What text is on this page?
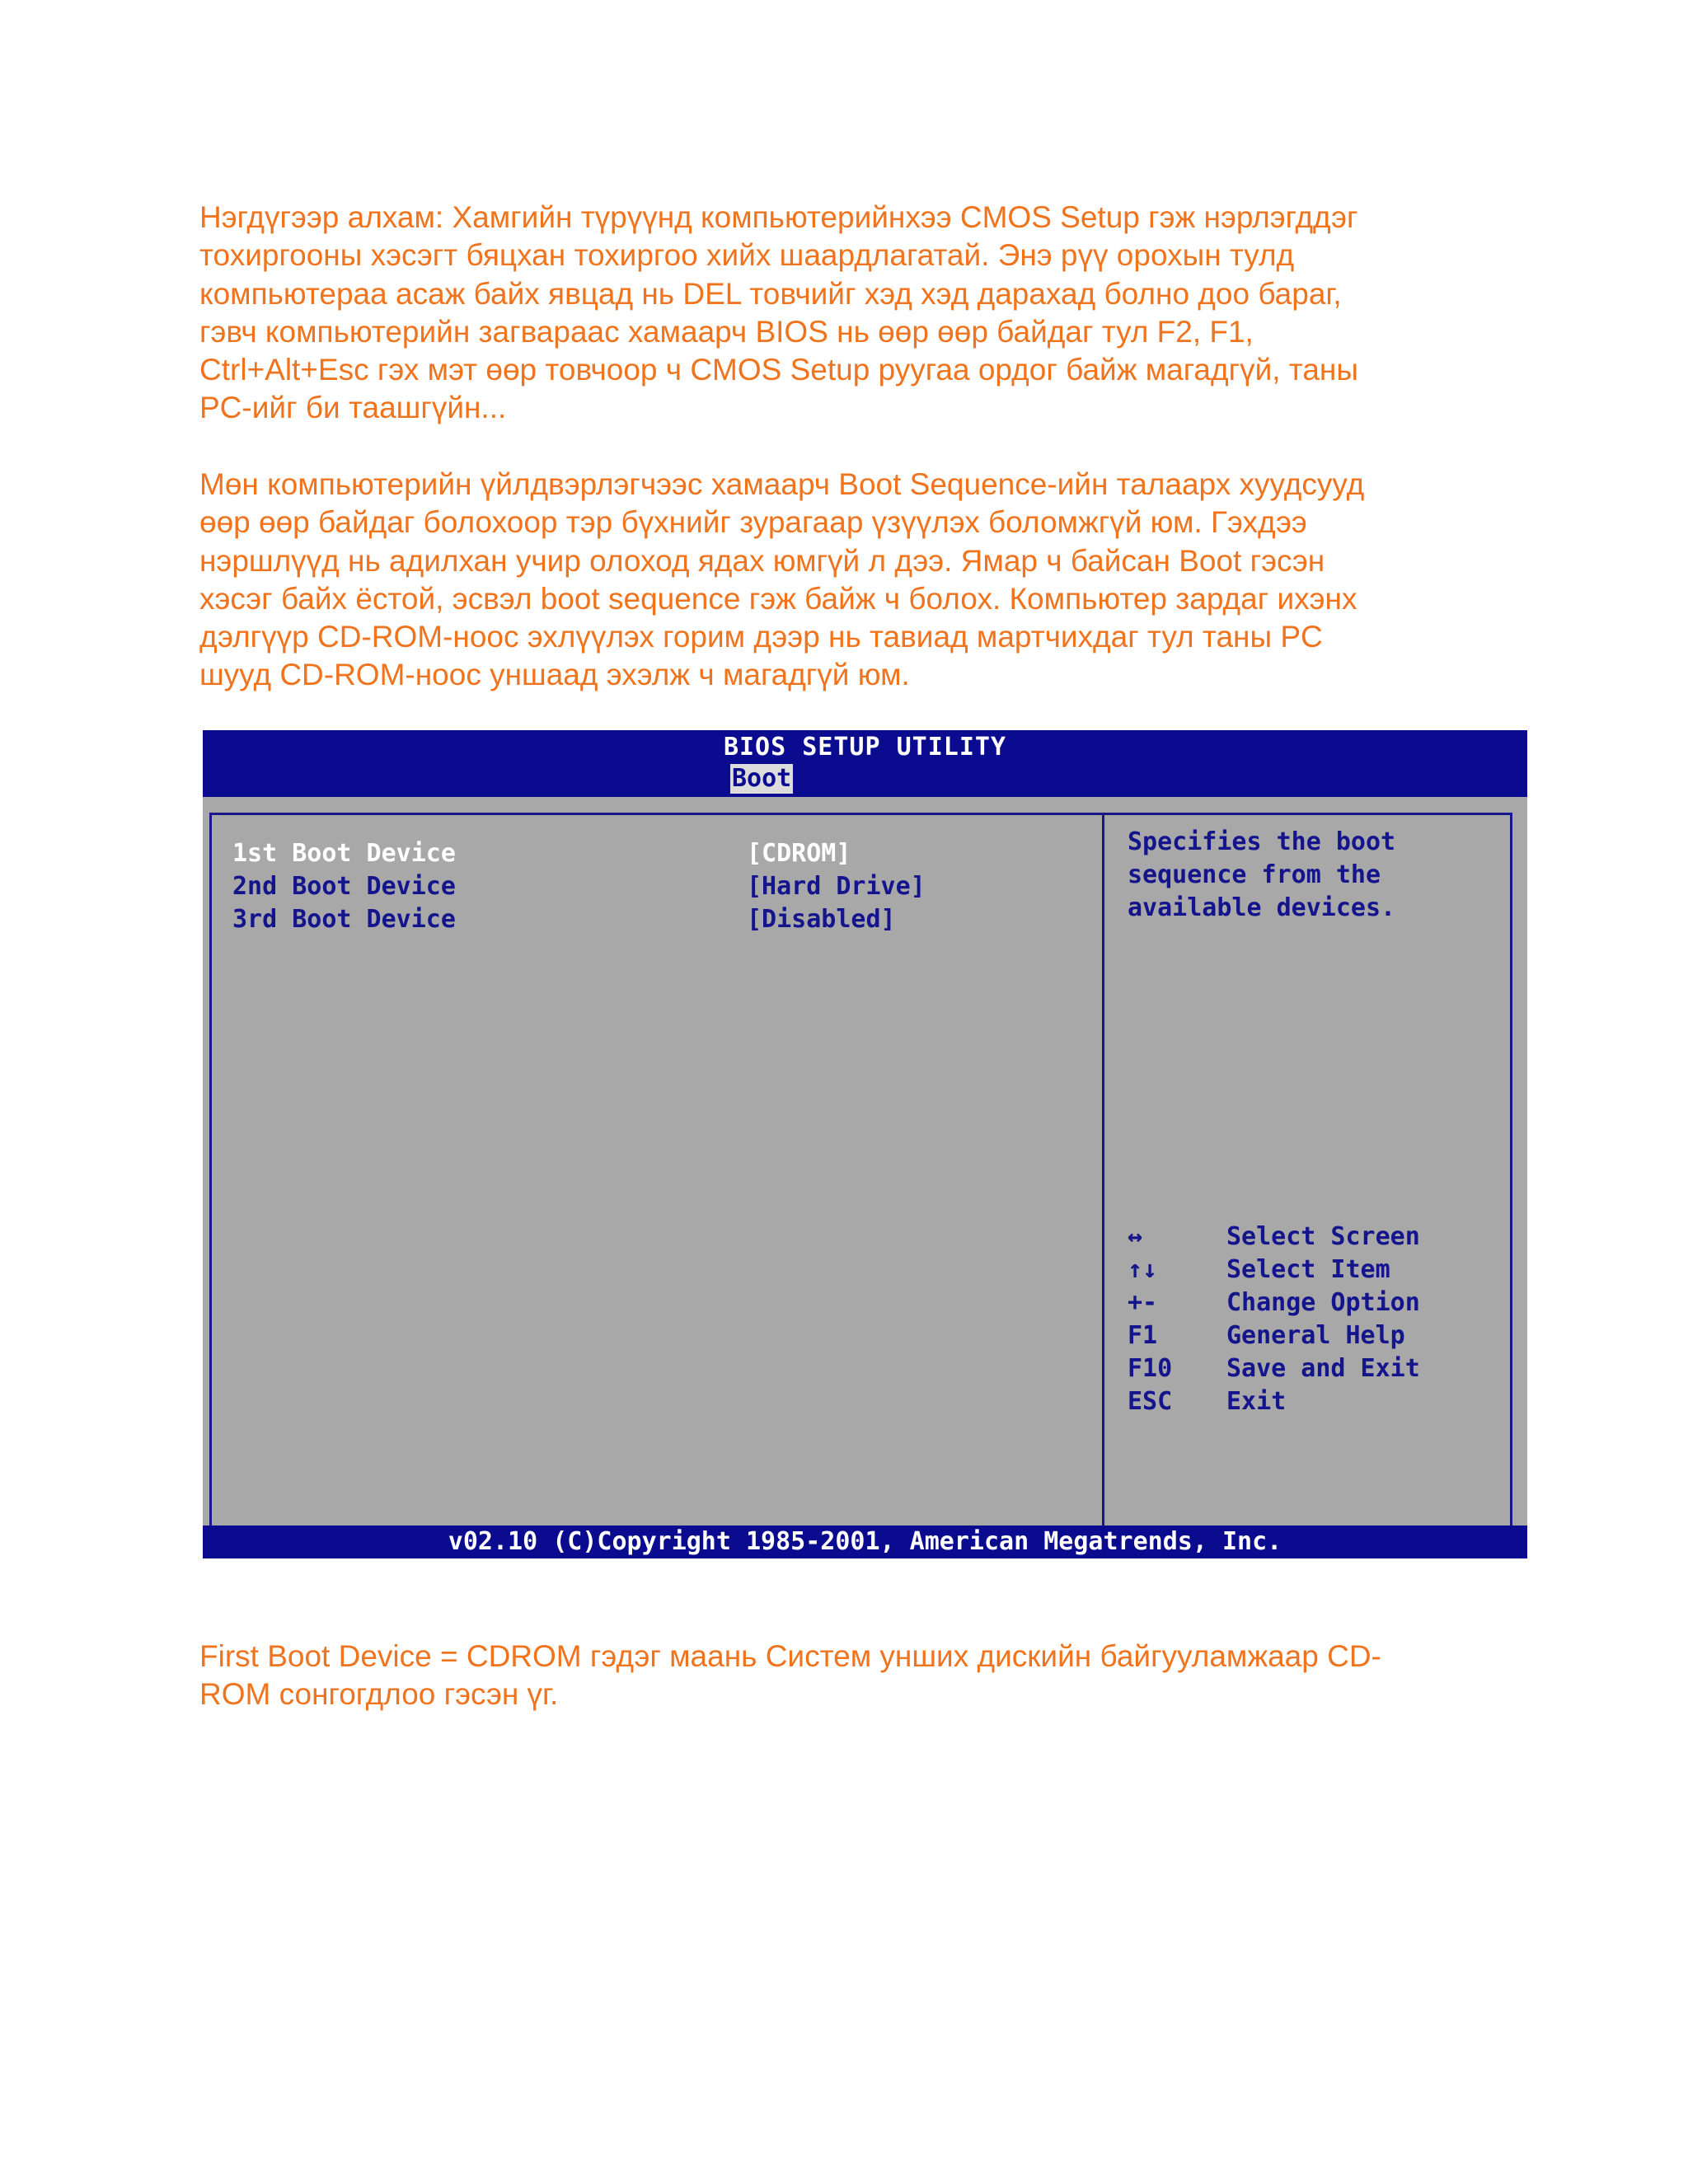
Нэгдүгээр алхам: Хамгийн түрүүнд компьютерийнхээ CMOS Setup гэж нэрлэгддэг
тохиргооны хэсэгт бяцхан тохиргоо хийх шаардлагатай. Энэ рүү орохын тулд
компьютераа асаж байх явцад нь DEL товчийг хэд хэд дарахад болно доо бараг,
гэвч компьютерийн загвараас хамаарч BIOS нь өөр өөр байдаг тул F2, F1,
Ctrl+Alt+Esc гэх мэт өөр товчоор ч CMOS Setup руугаа ордог байж магадгүй, таны
PC-ийг би таашгүйн...

Мөн компьютерийн үйлдвэрлэгчээс хамаарч Boot Sequence-ийн талаарх хуудсууд
өөр өөр байдаг болохоор тэр бүхнийг зурагаар үзүүлэх боломжгүй юм. Гэхдээ
нэршлүүд нь адилхан учир олоход ядах юмгүй л дээ. Ямар ч байсан Boot гэсэн
хэсэг байх ёстой, эсвэл boot sequence гэж байж ч болох. Компьютер зардаг ихэнх
дэлгүүр CD-ROM-ноос эхлүүлэх горим дээр нь тавиад мартчихдаг тул таны PC
шууд CD-ROM-ноос уншаад эхэлж ч магадгүй юм.

BIOS SETUP UTILITY
Boot
1st Boot Device	[CDROM]
2nd Boot Device	[Hard Drive]
3rd Boot Device	[Disabled]
Specifies the boot
sequence from the
available devices.
↔	Select Screen
↑↓	Select Item
+-	Change Option
F1	General Help
F10 Save and Exit
ESC Exit
v02.10 (C)Copyright 1985-2001, American Megatrends, Inc.

First Boot Device = CDROM гэдэг маань Систем унших дискийн байгууламжаар CD-
ROM сонгогдлоо гэсэн үг.
